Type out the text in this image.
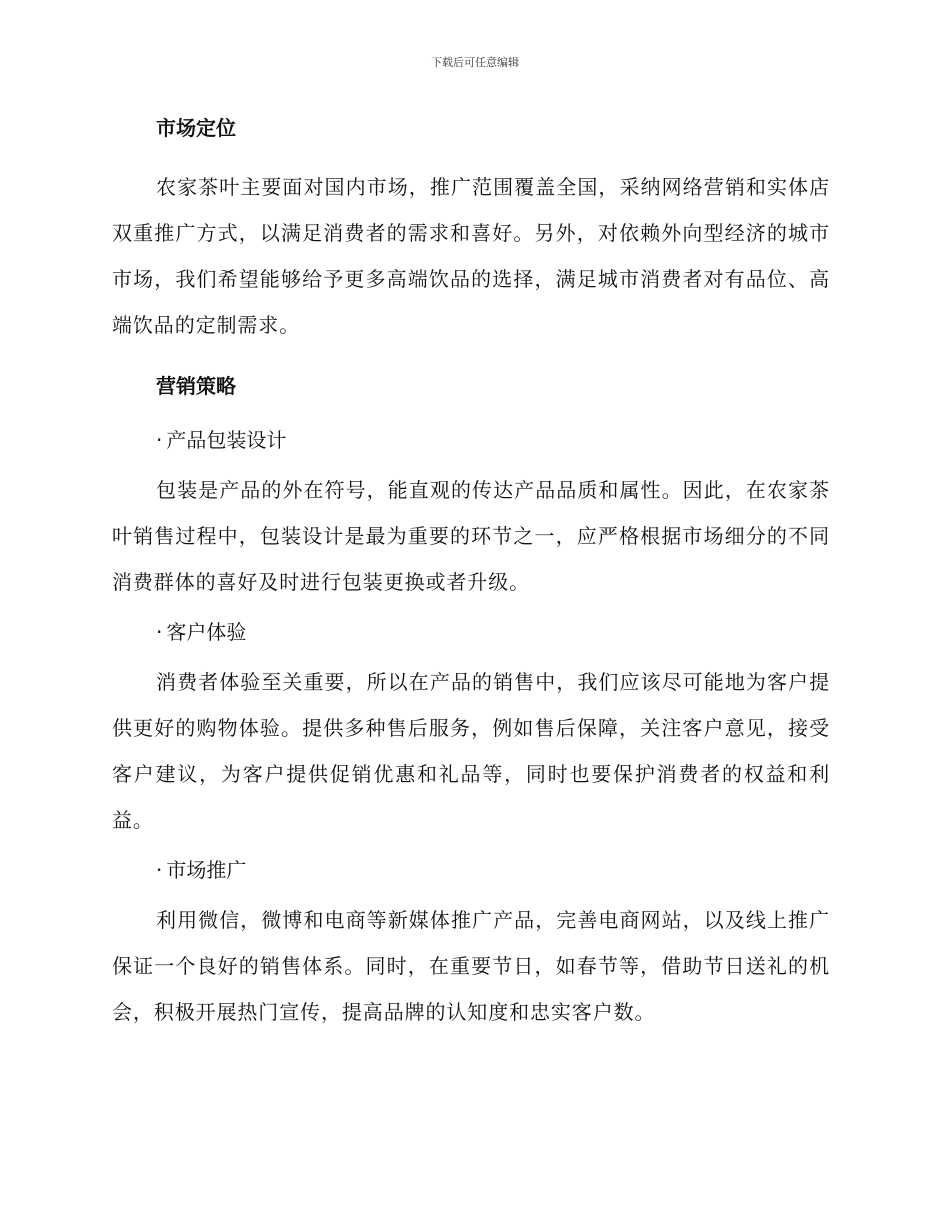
下载后可任意编辑
市场定位

农家茶叶主要面对国内市场，推广范围覆盖全国，采纳网络营销和实体店双重推广方式，以满足消费者的需求和喜好。另外，对依赖外向型经济的城市市场，我们希望能够给予更多高端饮品的选择，满足城市消费者对有品位、高端饮品的定制需求。

营销策略
· 产品包装设计

包装是产品的外在符号，能直观的传达产品品质和属性。因此，在农家茶叶销售过程中，包装设计是最为重要的环节之一，应严格根据市场细分的不同消费群体的喜好及时进行包装更换或者升级。

· 客户体验

消费者体验至关重要，所以在产品的销售中，我们应该尽可能地为客户提供更好的购物体验。提供多种售后服务，例如售后保障，关注客户意见，接受客户建议，为客户提供促销优惠和礼品等，同时也要保护消费者的权益和利益。

· 市场推广

利用微信，微博和电商等新媒体推广产品，完善电商网站，以及线上推广保证一个良好的销售体系。同时，在重要节日，如春节等，借助节日送礼的机会，积极开展热门宣传，提高品牌的认知度和忠实客户数。
